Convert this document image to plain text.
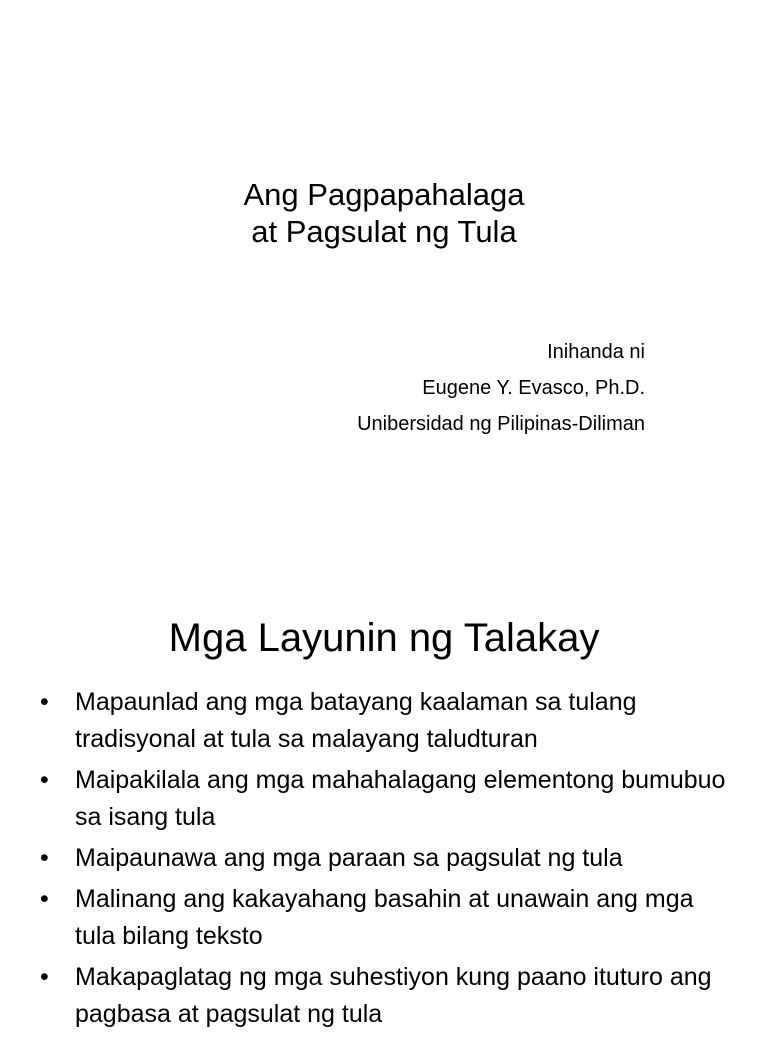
Ang Pagpapahalaga
at Pagsulat ng Tula
Inihanda ni
Eugene Y. Evasco, Ph.D.
Unibersidad ng Pilipinas-Diliman
Mga Layunin ng Talakay
• Mapaunlad ang mga batayang kaalaman sa tulang tradisyonal at tula sa malayang taludturan
• Maipakilala ang mga mahahalagang elementong bumubuo sa isang tula
• Maipaunawa ang mga paraan sa pagsulat ng tula
• Malinang ang kakayahang basahin at unawain ang mga tula bilang teksto
• Makapaglatag ng mga suhestiyon kung paano ituturo ang pagbasa at pagsulat ng tula
